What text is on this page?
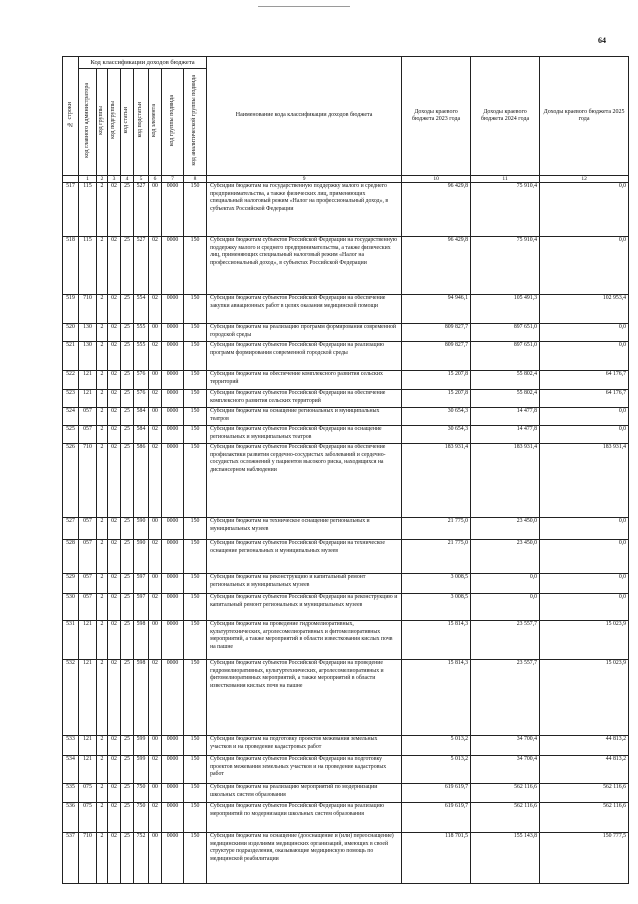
64
№ строки	Код классификации доходов бюджета								Наименование кода классификации доходов бюджета	Доходы краевого бюджета 2023 года	Доходы краевого бюджета 2024 года	Доходы краевого бюджета 2025 года
	код главного администратора	код группы	код подгруппы	код статьи	код подстатьи	код элемента	код группы подвида	код аналитической группы подвида				
	1	2	3	4	5	6	7	8	9	10	11	12
517	115	2	02	25	527	00	0000	150	Субсидии бюджетам на государственную поддержку малого и среднего предпринимательства, а также физических лиц, применяющих специальный налоговый режим «Налог на профессиональный доход», в субъектах Российской Федерации	96 429,8	75 910,4	0,0
518	115	2	02	25	527	02	0000	150	Субсидии бюджетам субъектов Российской Федерации на государственную поддержку малого и среднего предпринимательства, а также физических лиц, применяющих специальный налоговый режим «Налог на профессиональный доход», в субъектах Российской Федерации	96 429,8	75 910,4	0,0
519	710	2	02	25	554	02	0000	150	Субсидии бюджетам субъектов Российской Федерации на обеспечение закупки авиационных работ в целях оказания медицинской помощи	94 946,1	105 491,3	102 953,4
520	130	2	02	25	555	00	0000	150	Субсидии бюджетам на реализацию программ формирования современной городской среды	809 827,7	897 651,0	0,0
521	130	2	02	25	555	02	0000	150	Субсидии бюджетам субъектов Российской Федерации на реализацию программ формирования современной городской среды	809 827,7	897 651,0	0,0
522	121	2	02	25	576	00	0000	150	Субсидии бюджетам на обеспечение комплексного развития сельских территорий	15 207,8	55 802,4	64 176,7
523	121	2	02	25	576	02	0000	150	Субсидии бюджетам субъектов Российской Федерации на обеспечение комплексного развития сельских территорий	15 207,8	55 802,4	64 176,7
524	057	2	02	25	584	00	0000	150	Субсидии бюджетам на оснащение региональных и муниципальных театров	30 654,3	14 477,8	0,0
525	057	2	02	25	584	02	0000	150	Субсидии бюджетам субъектов Российской Федерации на оснащение региональных и муниципальных театров	30 654,3	14 477,8	0,0
526	710	2	02	25	586	02	0000	150	Субсидии бюджетам субъектов Российской Федерации на обеспечение профилактики развития сердечно-сосудистых заболеваний и сердечно-сосудистых осложнений у пациентов высокого риска, находящихся на диспансерном наблюдении	183 931,4	183 931,4	183 931,4
527	057	2	02	25	590	00	0000	150	Субсидии бюджетам на техническое оснащение региональных и муниципальных музеев	21 775,0	23 450,0	0,0
528	057	2	02	25	590	02	0000	150	Субсидии бюджетам субъектов Российской Федерации на техническое оснащение региональных и муниципальных музеев	21 775,0	23 450,0	0,0
529	057	2	02	25	597	00	0000	150	Субсидии бюджетам на реконструкцию и капитальный ремонт региональных и муниципальных музеев	3 008,5	0,0	0,0
530	057	2	02	25	597	02	0000	150	Субсидии бюджетам субъектов Российской Федерации на реконструкцию и капитальный ремонт региональных и муниципальных музеев	3 008,5	0,0	0,0
531	121	2	02	25	598	00	0000	150	Субсидии бюджетам на проведение гидромелиоративных, культуртехнических, агролесомелиоративных и фитомелиоративных мероприятий, а также мероприятий в области известкования кислых почв на пашне	15 814,3	23 557,7	15 023,9
532	121	2	02	25	598	02	0000	150	Субсидии бюджетам субъектов Российской Федерации на проведение гидромелиоративных, культуртехнических, агролесомелиоративных и фитомелиоративных мероприятий, а также мероприятий в области известкования кислых почв на пашне	15 814,3	23 557,7	15 023,9
533	121	2	02	25	599	00	0000	150	Субсидии бюджетам на подготовку проектов межевания земельных участков и на проведение кадастровых работ	5 013,2	34 700,4	44 813,2
534	121	2	02	25	599	02	0000	150	Субсидии бюджетам субъектов Российской Федерации на подготовку проектов межевания земельных участков и на проведение кадастровых работ	5 013,2	34 700,4	44 813,2
535	075	2	02	25	750	00	0000	150	Субсидии бюджетам на реализацию мероприятий по модернизации школьных систем образования	619 619,7	562 116,6	562 116,6
536	075	2	02	25	750	02	0000	150	Субсидии бюджетам субъектов Российской Федерации на реализацию мероприятий по модернизации школьных систем образования	619 619,7	562 116,6	562 116,6
537	710	2	02	25	752	00	0000	150	Субсидии бюджетам на оснащение (дооснащение и (или) переоснащение) медицинскими изделиями медицинских организаций, имеющих в своей структуре подразделения, оказывающие медицинскую помощь по медицинской реабилитации	118 701,5	155 143,8	150 777,5
